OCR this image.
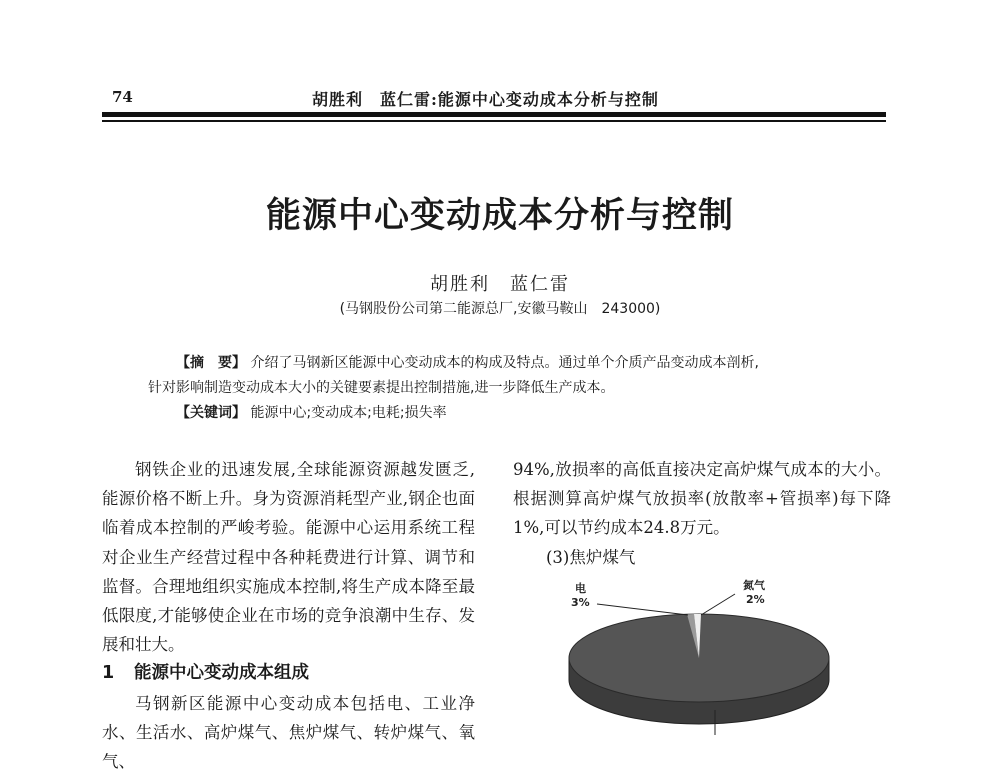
74	胡胜利　蓝仁雷:能源中心变动成本分析与控制
能源中心变动成本分析与控制
胡胜利　蓝仁雷
(马钢股份公司第二能源总厂,安徽马鞍山　243000)
【摘　要】 介绍了马钢新区能源中心变动成本的构成及特点。通过单个介质产品变动成本剖析,
针对影响制造变动成本大小的关键要素提出控制措施,进一步降低生产成本。
【关键词】 能源中心;变动成本;电耗;损失率

钢铁企业的迅速发展,全球能源资源越发匮乏,能源价格不断上升。身为资源消耗型产业,钢企也面临着成本控制的严峻考验。能源中心运用系统工程对企业生产经营过程中各种耗费进行计算、调节和监督。合理地组织实施成本控制,将生产成本降至最低限度,才能够使企业在市场的竞争浪潮中生存、发展和壮大。

1 能源中心变动成本组成

马钢新区能源中心变动成本包括电、工业净水、生活水、高炉煤气、焦炉煤气、转炉煤气、氧气、

94%,放损率的高低直接决定高炉煤气成本的大小。根据测算高炉煤气放损率(放散率+管损率)每下降1%,可以节约成本24.8万元。

(3)焦炉煤气

电
3%
氮气
2%
